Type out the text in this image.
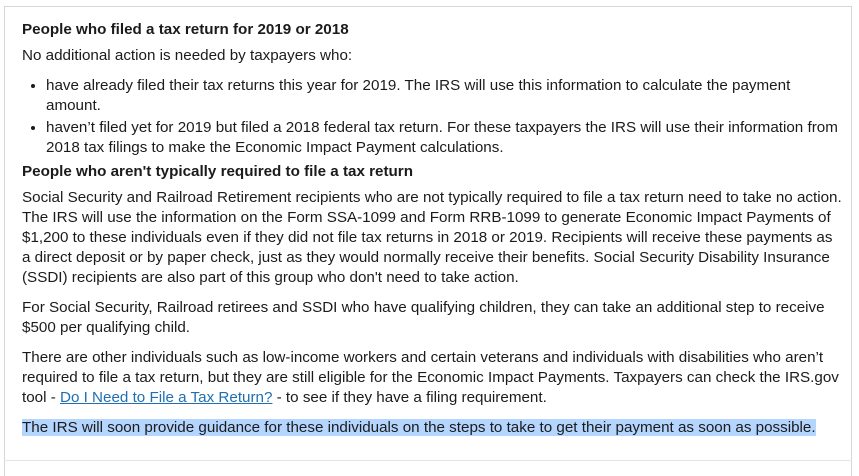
People who filed a tax return for 2019 or 2018

No additional action is needed by taxpayers who:

• have already filed their tax returns this year for 2019. The IRS will use this information to calculate the payment amount.
• haven’t filed yet for 2019 but filed a 2018 federal tax return. For these taxpayers the IRS will use their information from 2018 tax filings to make the Economic Impact Payment calculations.
People who aren't typically required to file a tax return

Social Security and Railroad Retirement recipients who are not typically required to file a tax return need to take no action. The IRS will use the information on the Form SSA-1099 and Form RRB-1099 to generate Economic Impact Payments of $1,200 to these individuals even if they did not file tax returns in 2018 or 2019. Recipients will receive these payments as a direct deposit or by paper check, just as they would normally receive their benefits. Social Security Disability Insurance (SSDI) recipients are also part of this group who don't need to take action.

For Social Security, Railroad retirees and SSDI who have qualifying children, they can take an additional step to receive $500 per qualifying child.

There are other individuals such as low-income workers and certain veterans and individuals with disabilities who aren’t required to file a tax return, but they are still eligible for the Economic Impact Payments. Taxpayers can check the IRS.gov tool - Do I Need to File a Tax Return? - to see if they have a filing requirement.

The IRS will soon provide guidance for these individuals on the steps to take to get their payment as soon as possible.
